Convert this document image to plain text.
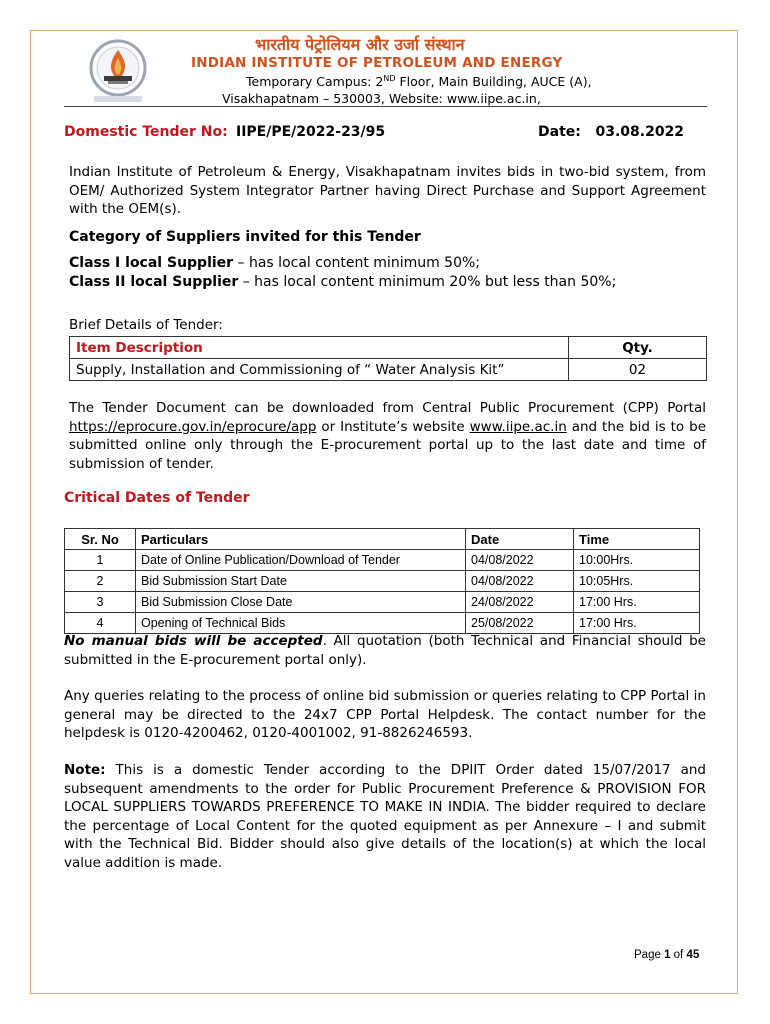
भारतीय पेट्रोलियम और उर्जा संस्थान
INDIAN INSTITUTE OF PETROLEUM AND ENERGY
Temporary Campus: 2ND Floor, Main Building, AUCE (A),
Visakhapatnam – 530003, Website: www.iipe.ac.in,
Domestic Tender No: IIPE/PE/2022-23/95	Date: 03.08.2022
Indian Institute of Petroleum & Energy, Visakhapatnam invites bids in two-bid system, from OEM/ Authorized System Integrator Partner having Direct Purchase and Support Agreement with the OEM(s).
Category of Suppliers invited for this Tender
Class I local Supplier – has local content minimum 50%;
Class II local Supplier – has local content minimum 20% but less than 50%;
Brief Details of Tender:
Item Description	Qty.
Supply, Installation and Commissioning of “ Water Analysis Kit”	02
The Tender Document can be downloaded from Central Public Procurement (CPP) Portal https://eprocure.gov.in/eprocure/app or Institute’s website www.iipe.ac.in and the bid is to be submitted online only through the E-procurement portal up to the last date and time of submission of tender.
Critical Dates of Tender
Sr. No	Particulars	Date	Time
1	Date of Online Publication/Download of Tender	04/08/2022	10:00Hrs.
2	Bid Submission Start Date	04/08/2022	10:05Hrs.
3	Bid Submission Close Date	24/08/2022	17:00 Hrs.
4	Opening of Technical Bids	25/08/2022	17:00 Hrs.
No manual bids will be accepted. All quotation (both Technical and Financial should be submitted in the E-procurement portal only).
Any queries relating to the process of online bid submission or queries relating to CPP Portal in general may be directed to the 24x7 CPP Portal Helpdesk. The contact number for the helpdesk is 0120-4200462, 0120-4001002, 91-8826246593.
Note: This is a domestic Tender according to the DPIIT Order dated 15/07/2017 and subsequent amendments to the order for Public Procurement Preference & PROVISION FOR LOCAL SUPPLIERS TOWARDS PREFERENCE TO MAKE IN INDIA. The bidder required to declare the percentage of Local Content for the quoted equipment as per Annexure – I and submit with the Technical Bid. Bidder should also give details of the location(s) at which the local value addition is made.
Page 1 of 45
